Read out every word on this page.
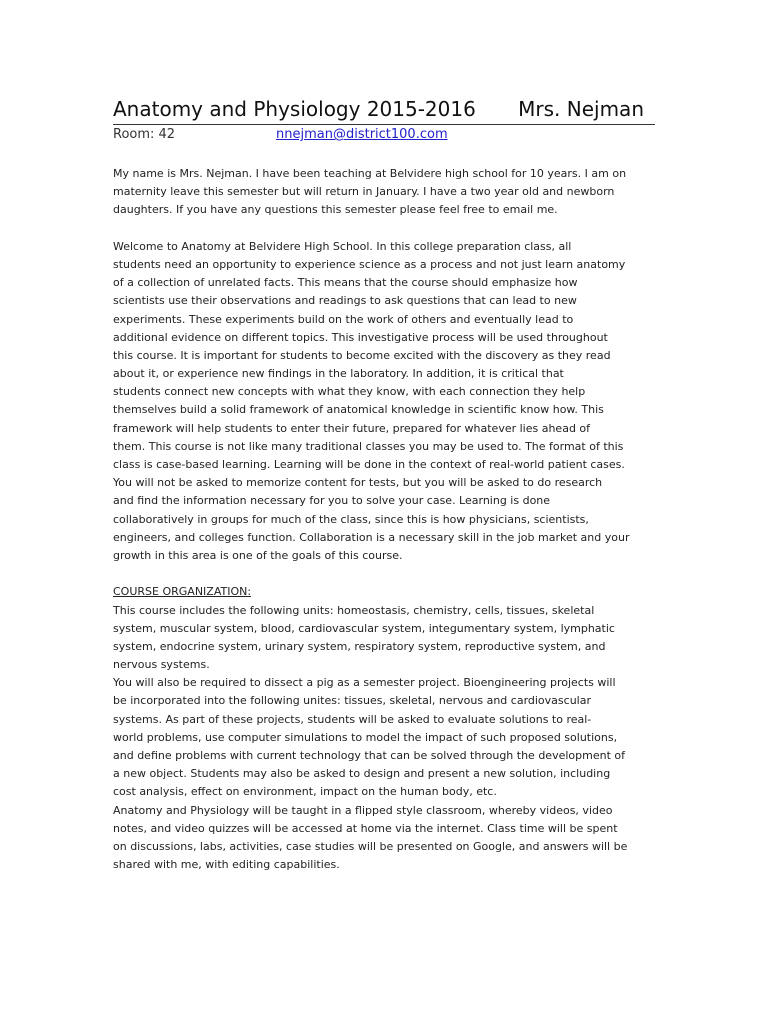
Anatomy and Physiology 2015-2016 Mrs. Nejman
Room: 42	nnejman@district100.com
My name is Mrs. Nejman. I have been teaching at Belvidere high school for 10 years. I am on
maternity leave this semester but will return in January. I have a two year old and newborn
daughters. If you have any questions this semester please feel free to email me.
Welcome to Anatomy at Belvidere High School. In this college preparation class, all
students need an opportunity to experience science as a process and not just learn anatomy
of a collection of unrelated facts. This means that the course should emphasize how
scientists use their observations and readings to ask questions that can lead to new
experiments. These experiments build on the work of others and eventually lead to
additional evidence on different topics. This investigative process will be used throughout
this course. It is important for students to become excited with the discovery as they read
about it, or experience new findings in the laboratory. In addition, it is critical that
students connect new concepts with what they know, with each connection they help
themselves build a solid framework of anatomical knowledge in scientific know how. This
framework will help students to enter their future, prepared for whatever lies ahead of
them. This course is not like many traditional classes you may be used to. The format of this
class is case-based learning. Learning will be done in the context of real-world patient cases.
You will not be asked to memorize content for tests, but you will be asked to do research
and find the information necessary for you to solve your case. Learning is done
collaboratively in groups for much of the class, since this is how physicians, scientists,
engineers, and colleges function. Collaboration is a necessary skill in the job market and your
growth in this area is one of the goals of this course.
COURSE ORGANIZATION:
This course includes the following units: homeostasis, chemistry, cells, tissues, skeletal
system, muscular system, blood, cardiovascular system, integumentary system, lymphatic
system, endocrine system, urinary system, respiratory system, reproductive system, and
nervous systems.
You will also be required to dissect a pig as a semester project. Bioengineering projects will
be incorporated into the following unites: tissues, skeletal, nervous and cardiovascular
systems. As part of these projects, students will be asked to evaluate solutions to real-
world problems, use computer simulations to model the impact of such proposed solutions,
and define problems with current technology that can be solved through the development of
a new object. Students may also be asked to design and present a new solution, including
cost analysis, effect on environment, impact on the human body, etc.
Anatomy and Physiology will be taught in a flipped style classroom, whereby videos, video
notes, and video quizzes will be accessed at home via the internet. Class time will be spent
on discussions, labs, activities, case studies will be presented on Google, and answers will be
shared with me, with editing capabilities.
